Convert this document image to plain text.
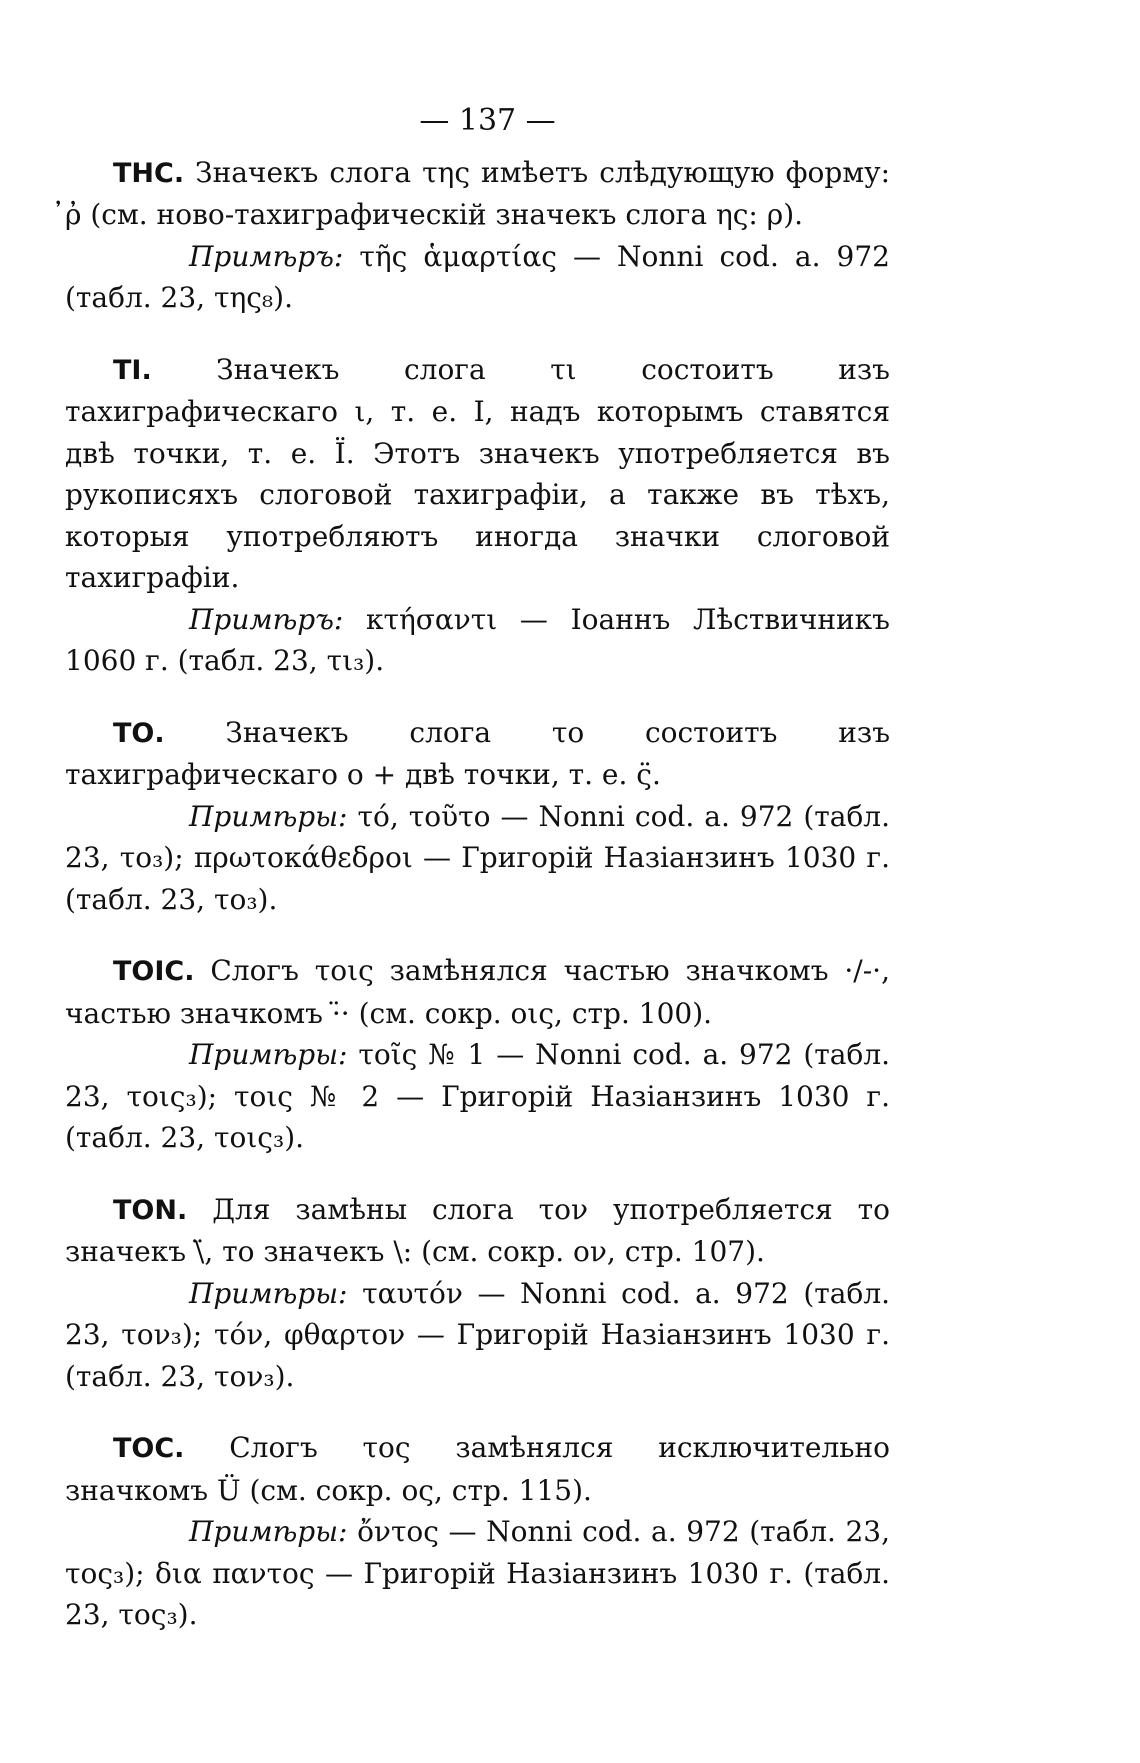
— 137 —

ТНС. Значекъ слога της имѣетъ слѣдующую форму: ̓ῤ (см. ново-тахиграфическій значекъ слога ης: ρ).

Примѣръ: τῆς ἁμαρτίας — Nonni cod. a. 972 (табл. 23, της₈).

ТІ. Значекъ слога τι состоитъ изъ тахиграфическаго ι, т. е. Ι, надъ которымъ ставятся двѣ точки, т. е. Ϊ. Этотъ значекъ употребляется въ рукописяхъ слоговой тахиграфіи, а также въ тѣхъ, которыя употребляютъ иногда значки слоговой тахиграфіи.

Примѣръ: κτήσαντι — Іоаннъ Лѣствичникъ 1060 г. (табл. 23, τι₃).

ТО. Значекъ слога το состоитъ изъ тахиграфическаго ο + двѣ точки, т. е. ς̈.

Примѣры: τό, τοῦτο — Nonni cod. a. 972 (табл. 23, το₃); πρωτοκάθεδροι — Григорій Назіанзинъ 1030 г. (табл. 23, το₃).

ТОІС. Слогъ τοις замѣнялся частью значкомъ ·/-·, частью значкомъ ·̈· (см. сокр. οις, стр. 100).

Примѣры: τοῖς № 1 — Nonni cod. a. 972 (табл. 23, τοις₃); τοις № 2 — Григорій Назіанзинъ 1030 г. (табл. 23, τοις₃).

ТОN. Для замѣны слога τον употребляется то значекъ \̈, то значекъ \: (см. сокр. ον, стр. 107).

Примѣры: ταυτόν — Nonni cod. a. 972 (табл. 23, τον₃); τόν, φθαρτον — Григорій Назіанзинъ 1030 г. (табл. 23, τον₃).

ТОС. Слогъ τος замѣнялся исключительно значкомъ Ü (см. сокр. ος, стр. 115).

Примѣры: ὄντος — Nonni cod. a. 972 (табл. 23, τος₃); δια παντος — Григорій Назіанзинъ 1030 г. (табл. 23, τος₃).
